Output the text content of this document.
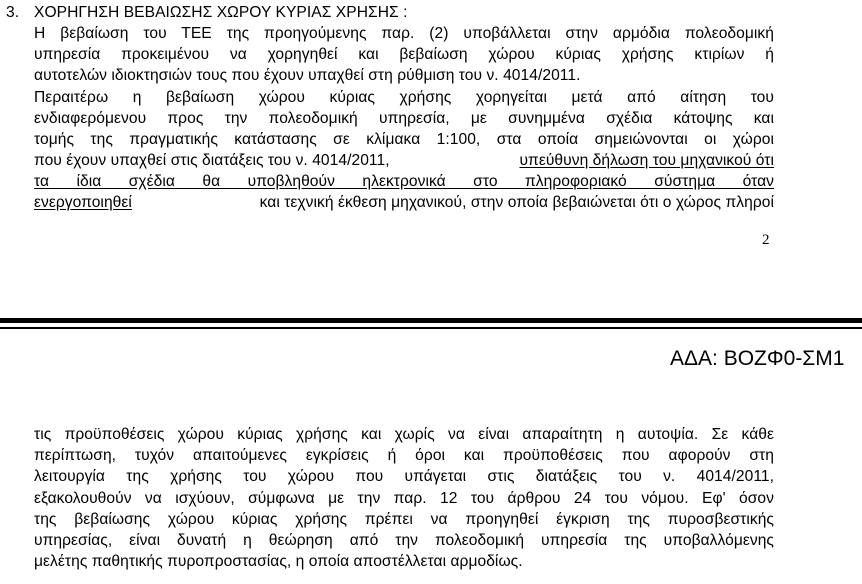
3. ΧΟΡΗΓΗΣΗ ΒΕΒΑΙΩΣΗΣ ΧΩΡΟΥ ΚΥΡΙΑΣ ΧΡΗΣΗΣ :
Η βεβαίωση του ΤΕΕ της προηγούμενης παρ. (2) υποβάλλεται στην αρμόδια πολεοδομική
υπηρεσία προκειμένου να χορηγηθεί και βεβαίωση χώρου κύριας χρήσης κτιρίων ή
αυτοτελών ιδιοκτησιών τους που έχουν υπαχθεί στη ρύθμιση του ν. 4014/2011.
Περαιτέρω η βεβαίωση χώρου κύριας χρήσης χορηγείται μετά από αίτηση του
ενδιαφερόμενου προς την πολεοδομική υπηρεσία, με συνημμένα σχέδια κάτοψης και
τομής της πραγματικής κατάστασης σε κλίμακα 1:100, στα οποία σημειώνονται οι χώροι
που έχουν υπαχθεί στις διατάξεις του ν. 4014/2011,	υπεύθυνη δήλωση του μηχανικού ότι
τα ίδια σχέδια θα υποβληθούν ηλεκτρονικά στο πληροφοριακό σύστημα όταν
ενεργοποιηθεί	και τεχνική έκθεση μηχανικού, στην οποία βεβαιώνεται ότι ο χώρος πληροί
2
ΑΔΑ: ΒΟΖΦ0-ΣΜ1
τις προϋποθέσεις χώρου κύριας χρήσης και χωρίς να είναι απαραίτητη η αυτοψία. Σε κάθε
περίπτωση, τυχόν απαιτούμενες εγκρίσεις ή όροι και προϋποθέσεις που αφορούν στη
λειτουργία της χρήσης του χώρου που υπάγεται στις διατάξεις του ν. 4014/2011,
εξακολουθούν να ισχύουν, σύμφωνα με την παρ. 12 του άρθρου 24 του νόμου. Εφ' όσον
της βεβαίωσης χώρου κύριας χρήσης πρέπει να προηγηθεί έγκριση της πυροσβεστικής
υπηρεσίας, είναι δυνατή η θεώρηση από την πολεοδομική υπηρεσία της υποβαλλόμενης
μελέτης παθητικής πυροπροστασίας, η οποία αποστέλλεται αρμοδίως.
